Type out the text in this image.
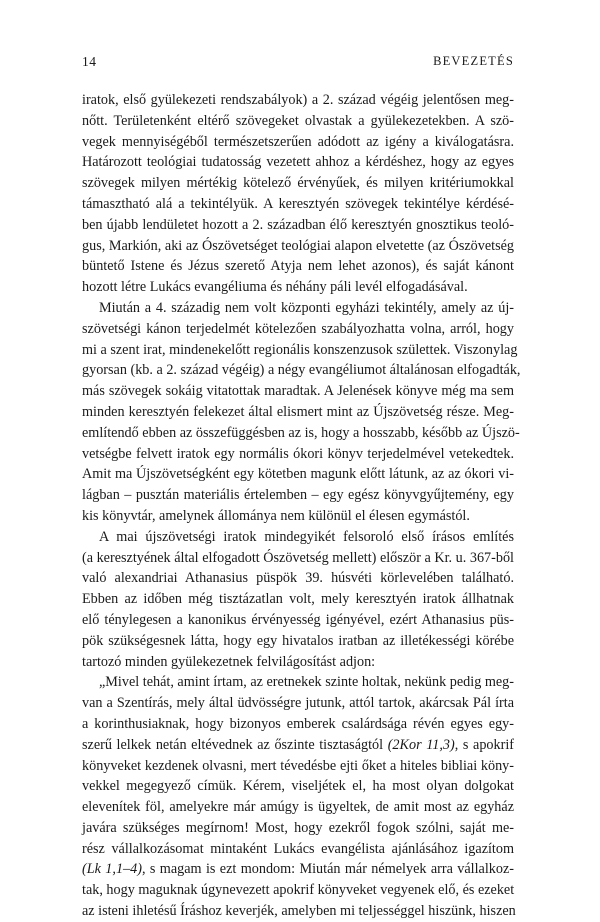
14	BEVEZETÉS
iratok, első gyülekezeti rendszabályok) a 2. század végéig jelentősen meg-
nőtt. Területenként eltérő szövegeket olvastak a gyülekezetekben. A szö-
vegek mennyiségéből természetszerűen adódott az igény a kiválogatásra.
Határozott teológiai tudatosság vezetett ahhoz a kérdéshez, hogy az egyes
szövegek milyen mértékig kötelező érvényűek, és milyen kritériumokkal
támasztható alá a tekintélyük. A keresztyén szövegek tekintélye kérdésé-
ben újabb lendületet hozott a 2. században élő keresztyén gnosztikus teoló-
gus, Markión, aki az Ószövetséget teológiai alapon elvetette (az Ószövetség
büntető Istene és Jézus szerető Atyja nem lehet azonos), és saját kánont
hozott létre Lukács evangéliuma és néhány páli levél elfogadásával.
Miután a 4. századig nem volt központi egyházi tekintély, amely az új-
szövetségi kánon terjedelmét kötelezően szabályozhatta volna, arról, hogy
mi a szent irat, mindenekelőtt regionális konszenzusok születtek. Viszonylag
gyorsan (kb. a 2. század végéig) a négy evangéliumot általánosan elfogadták,
más szövegek sokáig vitatottak maradtak. A Jelenések könyve még ma sem
minden keresztyén felekezet által elismert mint az Újszövetség része. Meg-
említendő ebben az összefüggésben az is, hogy a hosszabb, később az Újszö-
vetségbe felvett iratok egy normális ókori könyv terjedelmével vetekedtek.
Amit ma Újszövetségként egy kötetben magunk előtt látunk, az az ókori vi-
lágban – pusztán materiális értelemben – egy egész könyvgyűjtemény, egy
kis könyvtár, amelynek állománya nem különül el élesen egymástól.
A mai újszövetségi iratok mindegyikét felsoroló első írásos említés
(a keresztyének által elfogadott Ószövetség mellett) először a Kr. u. 367-ből
való alexandriai Athanasius püspök 39. húsvéti körlevelében található.
Ebben az időben még tisztázatlan volt, mely keresztyén iratok állhatnak
elő ténylegesen a kanonikus érvényesség igényével, ezért Athanasius püs-
pök szükségesnek látta, hogy egy hivatalos iratban az illetékességi körébe
tartozó minden gyülekezetnek felvilágosítást adjon:
„Mivel tehát, amint írtam, az eretnekek szinte holtak, nekünk pedig meg-
van a Szentírás, mely által üdvösségre jutunk, attól tartok, akárcsak Pál írta
a korinthusiaknak, hogy bizonyos emberek csalárdsága révén egyes egy-
szerű lelkek netán eltévednek az őszinte tisztaságtól (2Kor 11,3), s apokrif
könyveket kezdenek olvasni, mert tévedésbe ejti őket a hiteles bibliai köny-
vekkel megegyező címük. Kérem, viseljétek el, ha most olyan dolgokat
elevenítek föl, amelyekre már amúgy is ügyeltek, de amit most az egyház
javára szükséges megírnom! Most, hogy ezekről fogok szólni, saját me-
rész vállalkozásomat mintaként Lukács evangélista ajánlásához igazítom
(Lk 1,1–4), s magam is ezt mondom: Miután már némelyek arra vállalkoz-
tak, hogy maguknak úgynevezett apokrif könyveket vegyenek elő, és ezeket
az isteni ihletésű Íráshoz keverjék, amelyben mi teljességgel hiszünk, hiszen
